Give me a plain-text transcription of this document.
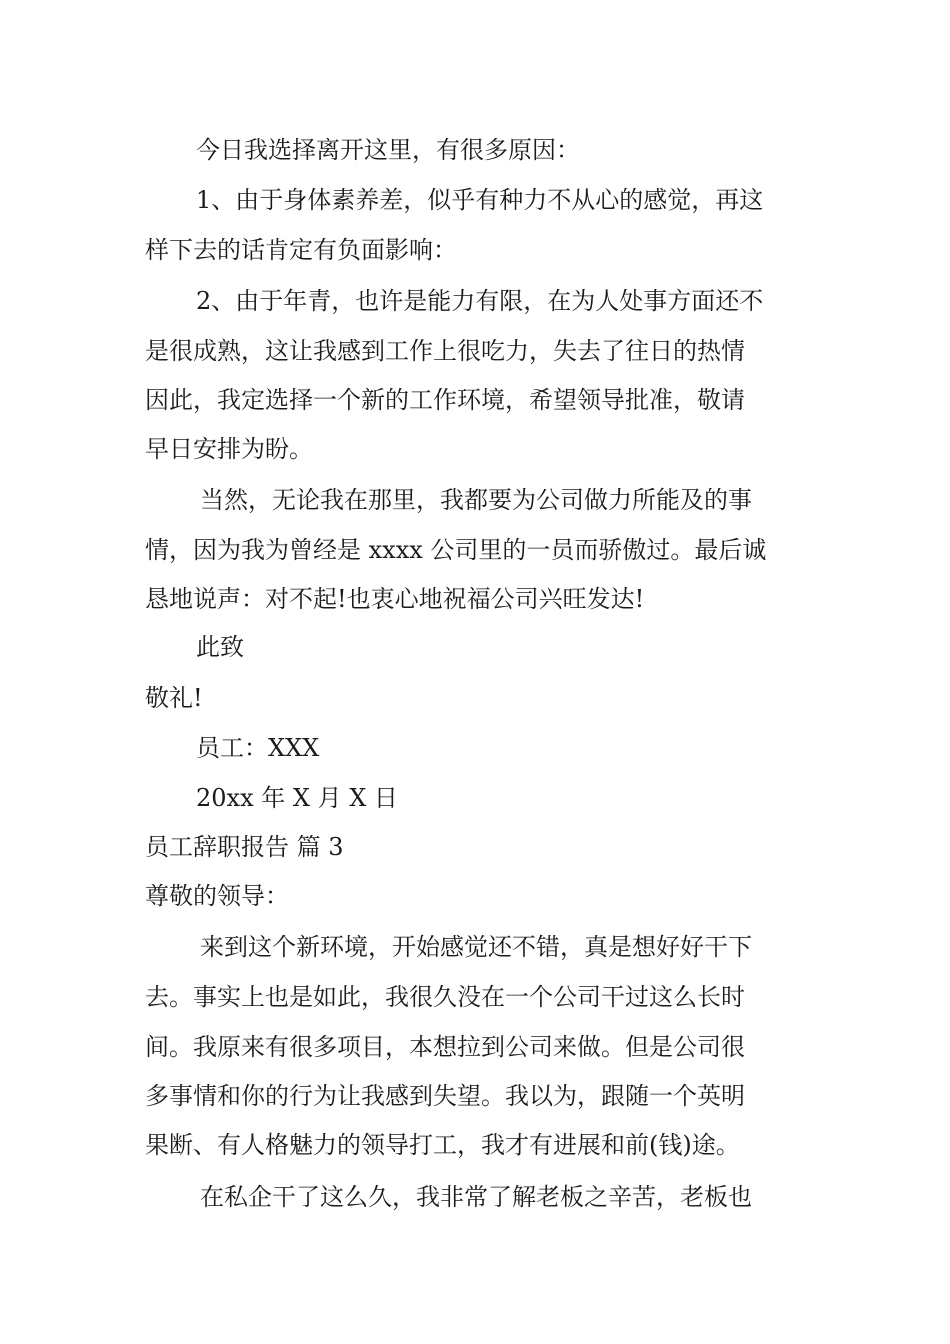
今日我选择离开这里，有很多原因：

1、由于身体素养差，似乎有种力不从心的感觉，再这

样下去的话肯定有负面影响：

2、由于年青，也许是能力有限，在为人处事方面还不

是很成熟，这让我感到工作上很吃力，失去了往日的热情

因此，我定选择一个新的工作环境，希望领导批准，敬请

早日安排为盼。

当然，无论我在那里，我都要为公司做力所能及的事

情，因为我为曾经是 xxxx 公司里的一员而骄傲过。最后诚

恳地说声：对不起!也衷心地祝福公司兴旺发达!

此致

敬礼!

员工：XXX

20xx 年 X 月 X 日

员工辞职报告 篇 3

尊敬的领导：

来到这个新环境，开始感觉还不错，真是想好好干下

去。事实上也是如此，我很久没在一个公司干过这么长时

间。我原来有很多项目，本想拉到公司来做。但是公司很

多事情和你的行为让我感到失望。我以为，跟随一个英明

果断、有人格魅力的领导打工，我才有进展和前(钱)途。

在私企干了这么久，我非常了解老板之辛苦，老板也
